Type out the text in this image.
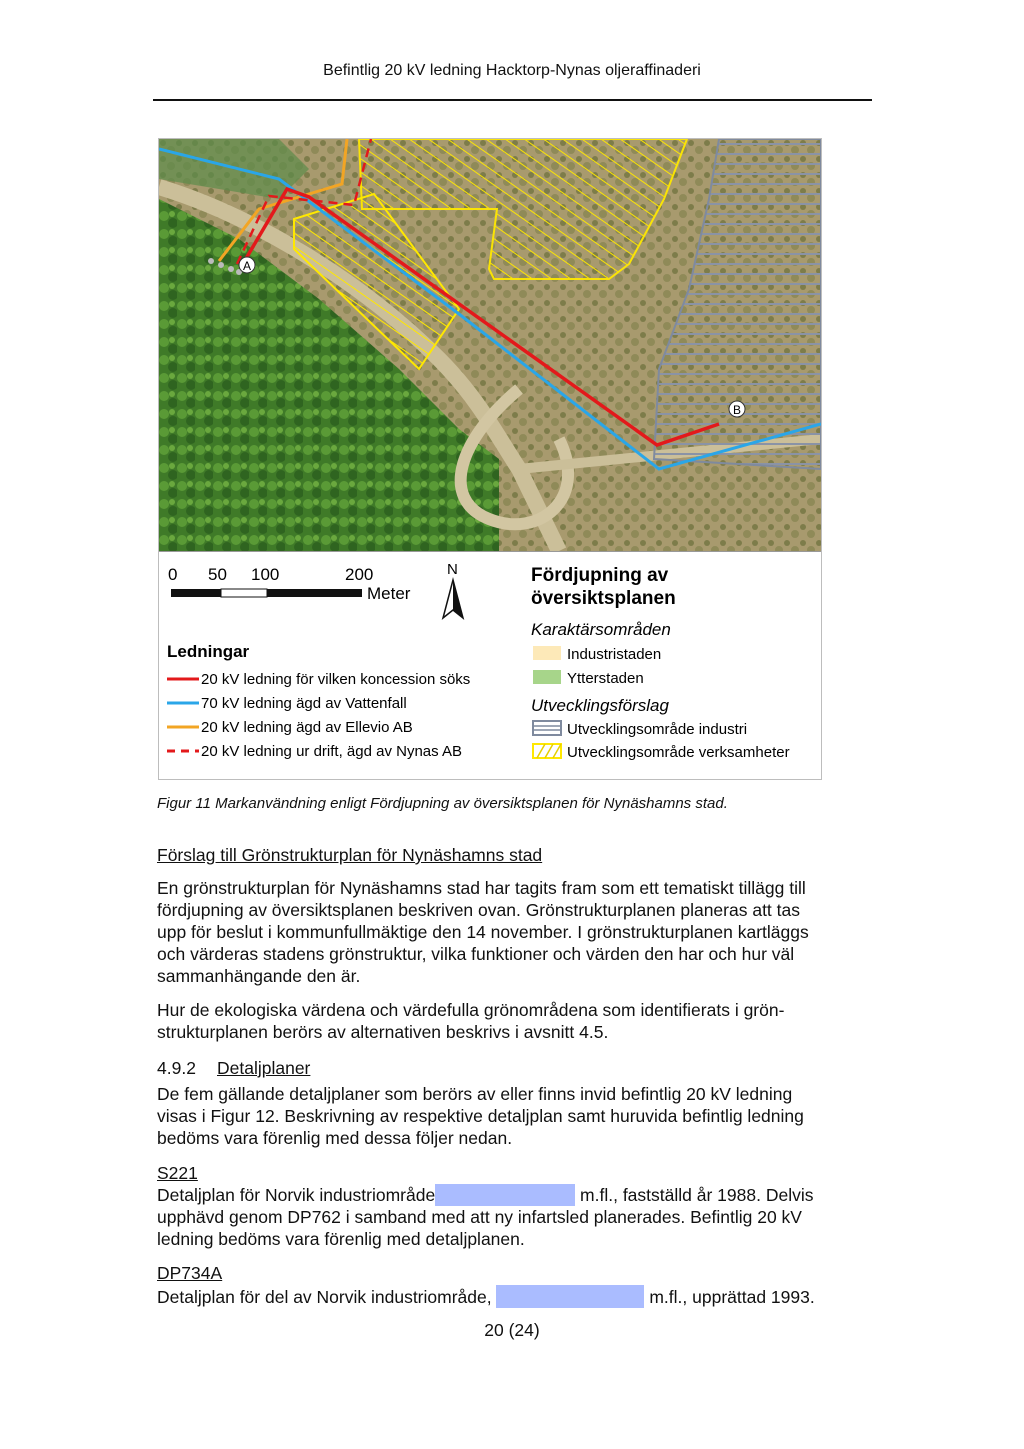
Befintlig 20 kV ledning Hacktorp-Nynas oljeraffinaderi
A
B
0 50 100	200
Meter
N
Ledningar
20 kV ledning för vilken koncession söks
70 kV ledning ägd av Vattenfall
20 kV ledning ägd av Ellevio AB
20 kV ledning ur drift, ägd av Nynas AB
Fördjupning av
översiktsplanen
Karaktärsområden
Industristaden
Ytterstaden
Utvecklingsförslag
Utvecklingsområde industri
Utvecklingsområde verksamheter
Figur 11 Markanvändning enligt Fördjupning av översiktsplanen för Nynäshamns stad.
Förslag till Grönstrukturplan för Nynäshamns stad
En grönstrukturplan för Nynäshamns stad har tagits fram som ett tematiskt tillägg till
fördjupning av översiktsplanen beskriven ovan. Grönstrukturplanen planeras att tas
upp för beslut i kommunfullmäktige den 14 november. I grönstrukturplanen kartläggs
och värderas stadens grönstruktur, vilka funktioner och värden den har och hur väl
sammanhängande den är.
Hur de ekologiska värdena och värdefulla grönområdena som identifierats i grön-
strukturplanen berörs av alternativen beskrivs i avsnitt 4.5.
4.9.2 Detaljplaner
De fem gällande detaljplaner som berörs av eller finns invid befintlig 20 kV ledning
visas i Figur 12. Beskrivning av respektive detaljplan samt huruvida befintlig ledning
bedöms vara förenlig med dessa följer nedan.
S221
Detaljplan för Norvik industriområde	m.fl., fastställd år 1988. Delvis
upphävd genom DP762 i samband med att ny infartsled planerades. Befintlig 20 kV
ledning bedöms vara förenlig med detaljplanen.
DP734A
Detaljplan för del av Norvik industriområde,	m.fl., upprättad 1993.
20 (24)
